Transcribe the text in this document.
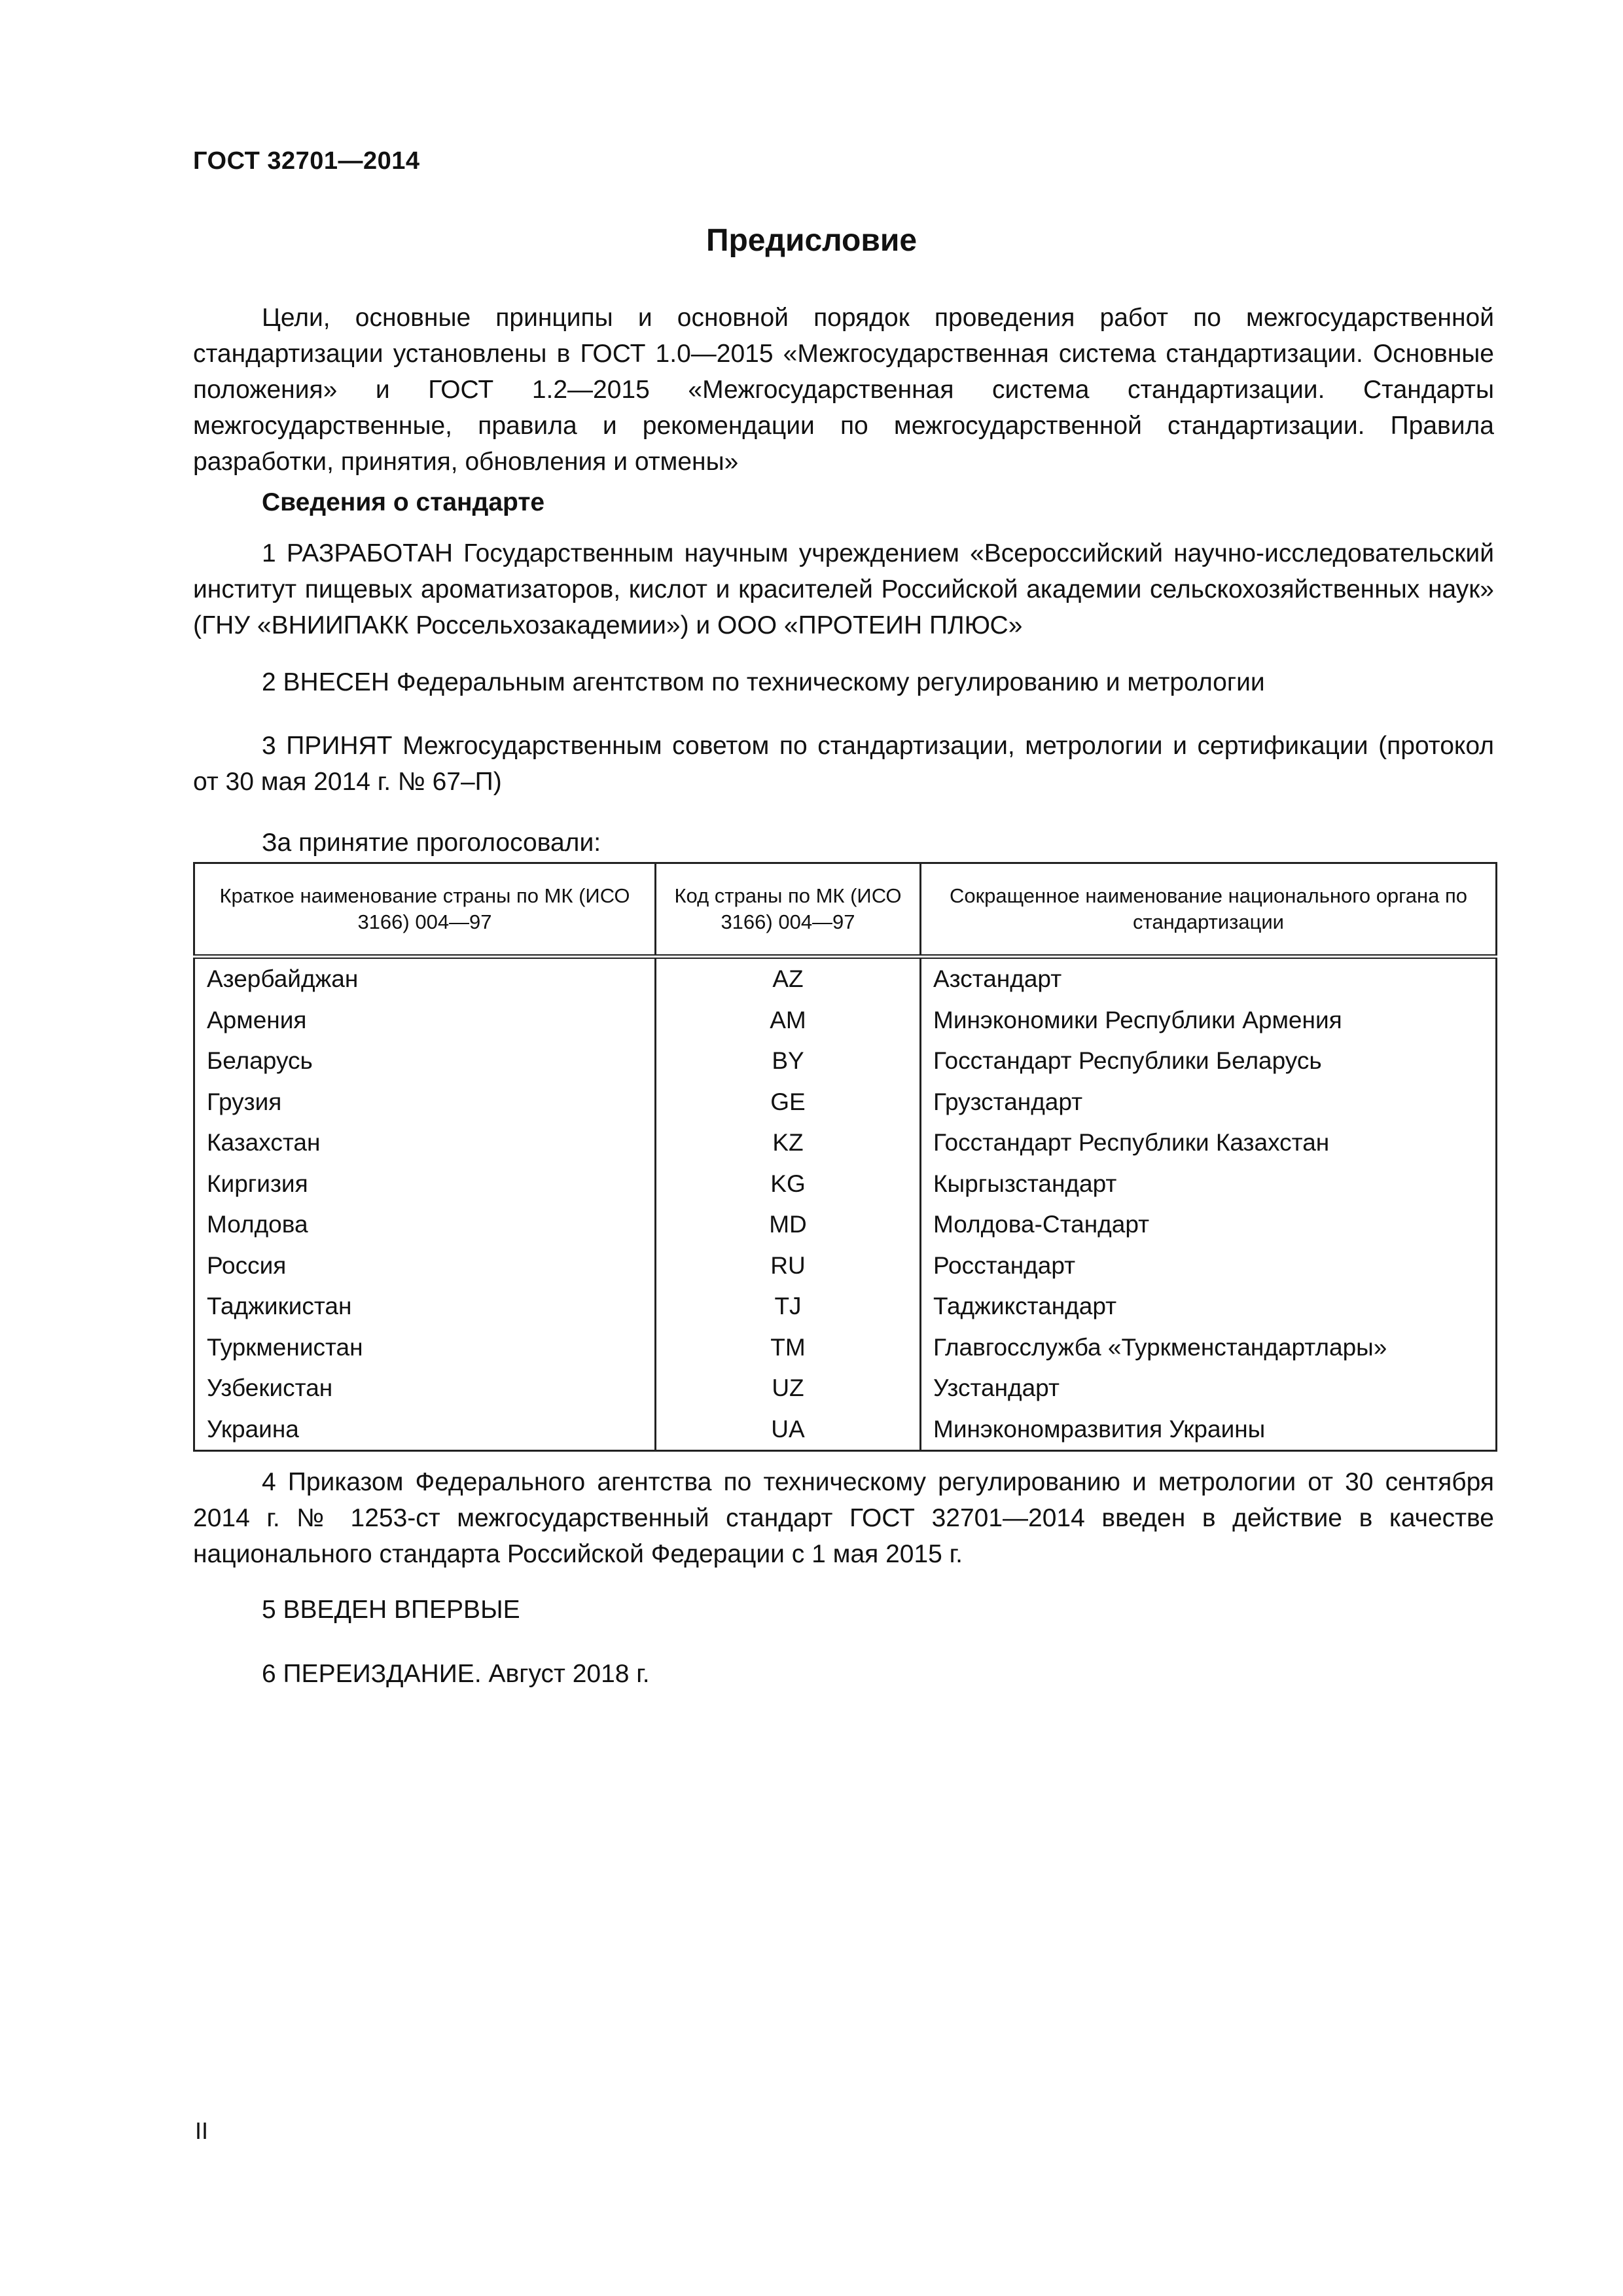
ГОСТ 32701—2014
Предисловие

Цели, основные принципы и основной порядок проведения работ по межгосударственной стандартизации установлены в ГОСТ 1.0—2015 «Межгосударственная система стандартизации. Основные положения» и ГОСТ 1.2—2015 «Межгосударственная система стандартизации. Стандарты межгосударственные, правила и рекомендации по межгосударственной стандартизации. Правила разработки, принятия, обновления и отмены»

Сведения о стандарте

1 РАЗРАБОТАН Государственным научным учреждением «Всероссийский научно-исследовательский институт пищевых ароматизаторов, кислот и красителей Российской академии сельскохозяйственных наук» (ГНУ «ВНИИПАКК Россельхозакадемии») и ООО «ПРОТЕИН ПЛЮС»

2 ВНЕСЕН Федеральным агентством по техническому регулированию и метрологии

3 ПРИНЯТ Межгосударственным советом по стандартизации, метрологии и сертификации (протокол от 30 мая 2014 г. № 67–П)

За принятие проголосовали:

Краткое наименование страны по МК (ИСО 3166) 004—97	Код страны по МК (ИСО 3166) 004—97	Сокращенное наименование национального органа по стандартизации
Азербайджан	AZ	Азстандарт
Армения	AM	Минэкономики Республики Армения
Беларусь	BY	Госстандарт Республики Беларусь
Грузия	GE	Грузстандарт
Казахстан	KZ	Госстандарт Республики Казахстан
Киргизия	KG	Кыргызстандарт
Молдова	MD	Молдова-Стандарт
Россия	RU	Росстандарт
Таджикистан	TJ	Таджикстандарт
Туркменистан	TM	Главгосслужба «Туркменстандартлары»
Узбекистан	UZ	Узстандарт
Украина	UA	Минэкономразвития Украины

4 Приказом Федерального агентства по техническому регулированию и метрологии от 30 сентября 2014 г. № 1253-ст межгосударственный стандарт ГОСТ 32701—2014 введен в действие в качестве национального стандарта Российской Федерации с 1 мая 2015 г.

5 ВВЕДЕН ВПЕРВЫЕ

6 ПЕРЕИЗДАНИЕ. Август 2018 г.

II
